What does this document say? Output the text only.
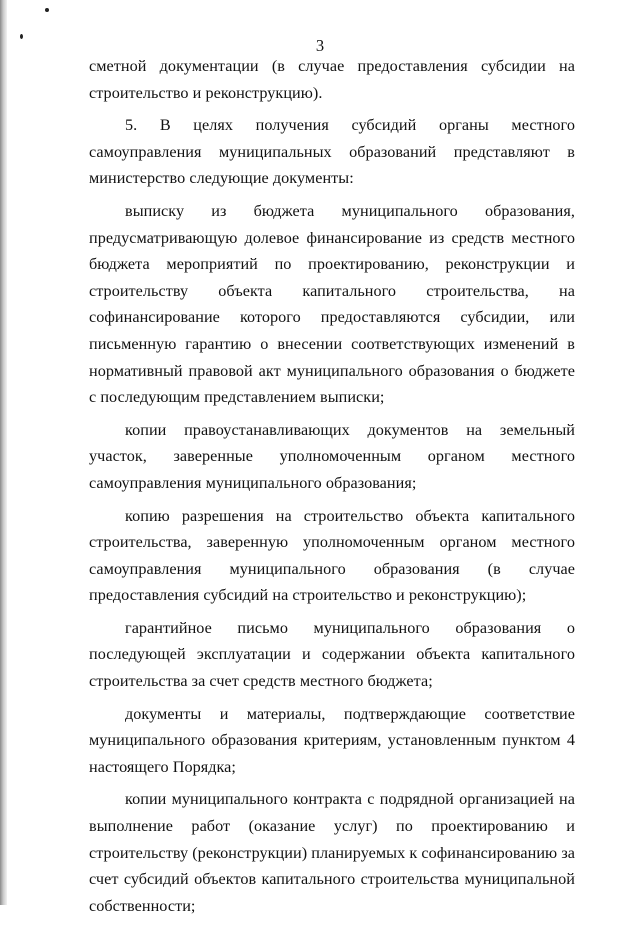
3

сметной документации (в случае предоставления субсидии на строительство и реконструкцию).

5. В целях получения субсидий органы местного самоуправления муниципальных образований представляют в министерство следующие документы:

выписку из бюджета муниципального образования, предусматривающую долевое финансирование из средств местного бюджета мероприятий по проектированию, реконструкции и строительству объекта капитального строительства, на софинансирование которого предоставляются субсидии, или письменную гарантию о внесении соответствующих изменений в нормативный правовой акт муниципального образования о бюджете с последующим представлением выписки;

копии правоустанавливающих документов на земельный участок, заверенные уполномоченным органом местного самоуправления муниципального образования;

копию разрешения на строительство объекта капитального строительства, заверенную уполномоченным органом местного самоуправления муниципального образования (в случае предоставления субсидий на строительство и реконструкцию);

гарантийное письмо муниципального образования о последующей эксплуатации и содержании объекта капитального строительства за счет средств местного бюджета;

документы и материалы, подтверждающие соответствие муниципального образования критериям, установленным пунктом 4 настоящего Порядка;

копии муниципального контракта с подрядной организацией на выполнение работ (оказание услуг) по проектированию и строительству (реконструкции) планируемых к софинансированию за счет субсидий объектов капитального строительства муниципальной собственности;
